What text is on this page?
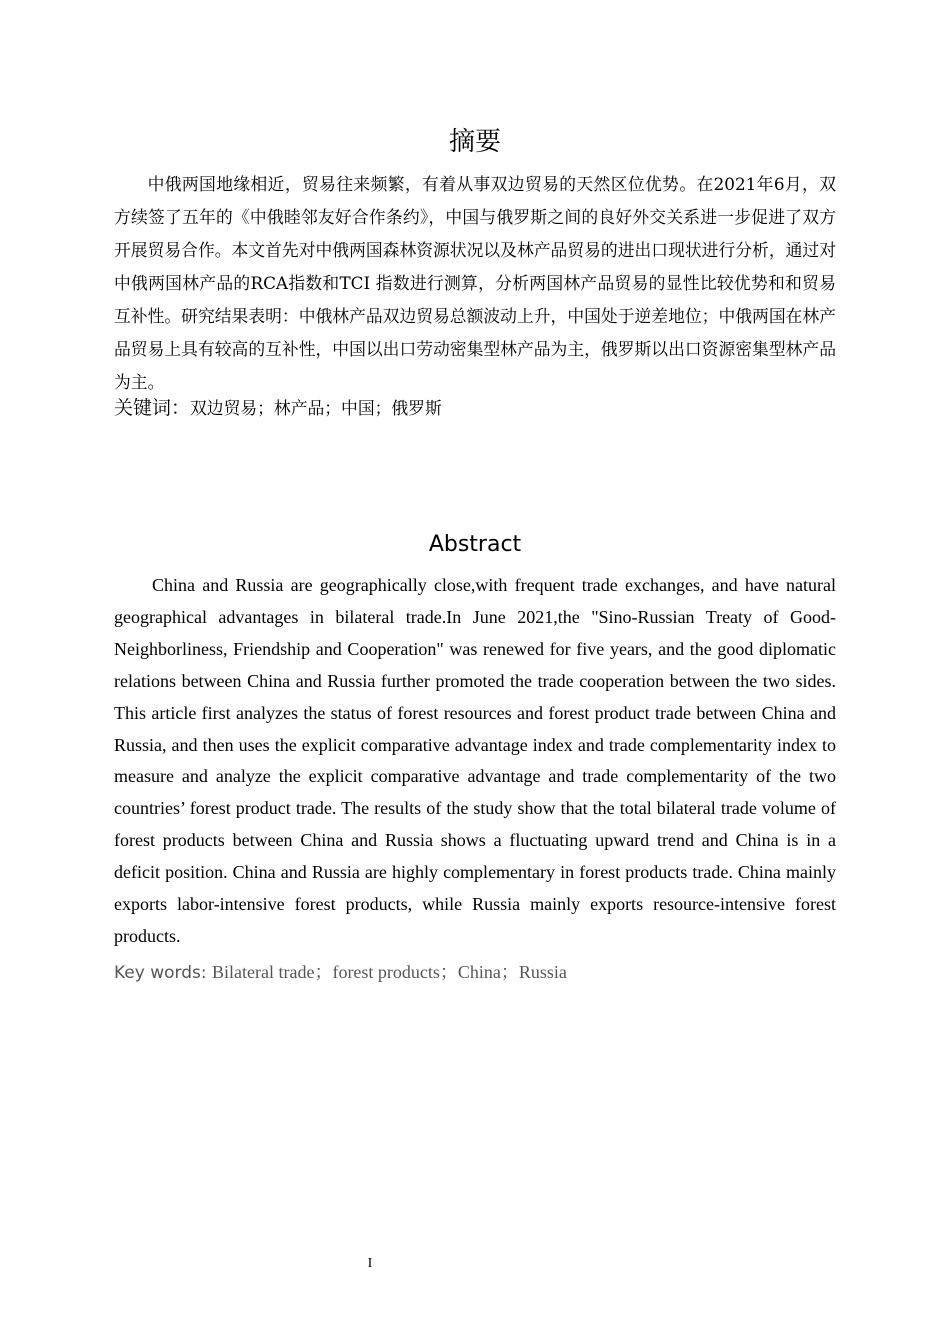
摘要

中俄两国地缘相近，贸易往来频繁，有着从事双边贸易的天然区位优势。在2021年6月，双方续签了五年的《中俄睦邻友好合作条约》，中国与俄罗斯之间的良好外交关系进一步促进了双方开展贸易合作。本文首先对中俄两国森林资源状况以及林产品贸易的进出口现状进行分析，通过对中俄两国林产品的RCA指数和TCI 指数进行测算，分析两国林产品贸易的显性比较优势和和贸易互补性。研究结果表明：中俄林产品双边贸易总额波动上升，中国处于逆差地位；中俄两国在林产品贸易上具有较高的互补性，中国以出口劳动密集型林产品为主，俄罗斯以出口资源密集型林产品为主。

关键词：双边贸易；林产品；中国；俄罗斯

Abstract

China and Russia are geographically close,with frequent trade exchanges, and have natural geographical advantages in bilateral trade.In June 2021,the "Sino-Russian Treaty of Good-Neighborliness, Friendship and Cooperation" was renewed for five years, and the good diplomatic relations between China and Russia further promoted the trade cooperation between the two sides. This article first analyzes the status of forest resources and forest product trade between China and Russia, and then uses the explicit comparative advantage index and trade complementarity index to measure and analyze the explicit comparative advantage and trade complementarity of the two countries’ forest product trade. The results of the study show that the total bilateral trade volume of forest products between China and Russia shows a fluctuating upward trend and China is in a deficit position. China and Russia are highly complementary in forest products trade. China mainly exports labor-intensive forest products, while Russia mainly exports resource-intensive forest products.

Key words: Bilateral trade；forest products；China；Russia

I
